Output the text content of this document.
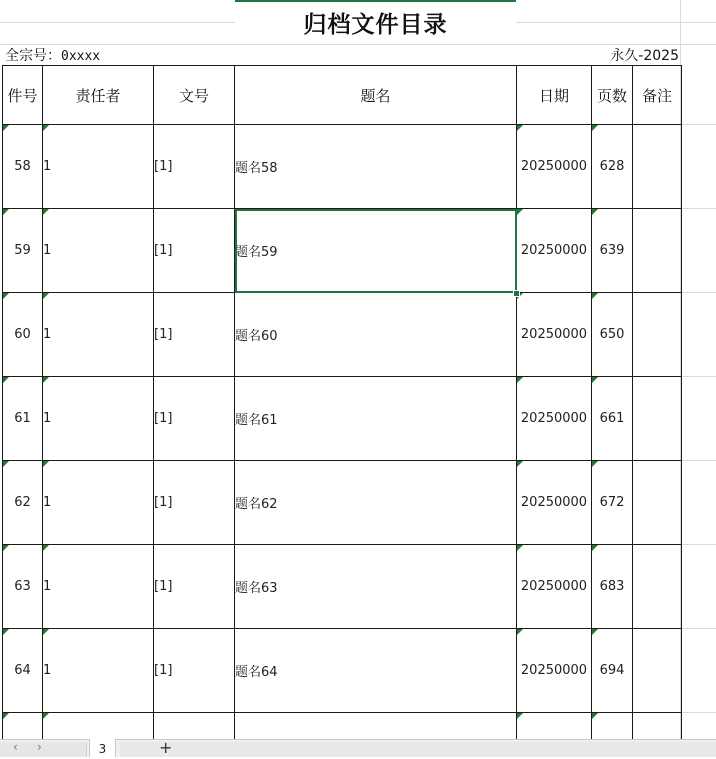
归档文件目录
全宗号：0xxxx	永久-2025
件号	责任者	文号	题名	日期	页数	备注
58	1	[1]	题名58	20250000	628	
59	1	[1]	题名59	20250000	639	
60	1	[1]	题名60	20250000	650	
61	1	[1]	题名61	20250000	661	
62	1	[1]	题名62	20250000	672	
63	1	[1]	题名63	20250000	683	
64	1	[1]	题名64	20250000	694	

‹ ›	3	+
